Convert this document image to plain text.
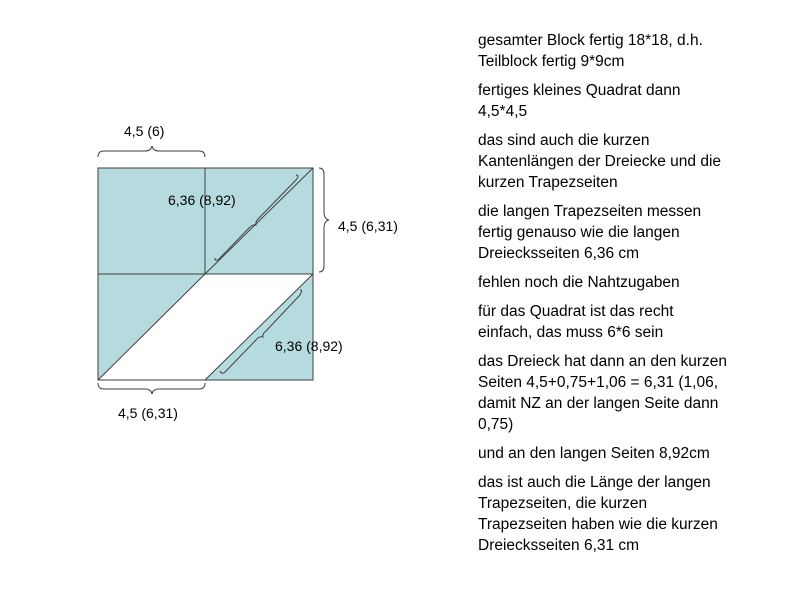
4,5 (6)
6,36 (8,92)
4,5 (6,31)
6,36 (8,92)
4,5 (6,31)

gesamter Block fertig 18*18, d.h.
Teilblock fertig 9*9cm

fertiges kleines Quadrat dann
4,5*4,5

das sind auch die kurzen
Kantenlängen der Dreiecke und die
kurzen Trapezseiten

die langen Trapezseiten messen
fertig genauso wie die langen
Dreiecksseiten 6,36 cm

fehlen noch die Nahtzugaben

für das Quadrat ist das recht
einfach, das muss 6*6 sein

das Dreieck hat dann an den kurzen
Seiten 4,5+0,75+1,06 = 6,31 (1,06,
damit NZ an der langen Seite dann
0,75)

und an den langen Seiten 8,92cm

das ist auch die Länge der langen
Trapezseiten, die kurzen
Trapezseiten haben wie die kurzen
Dreiecksseiten 6,31 cm
